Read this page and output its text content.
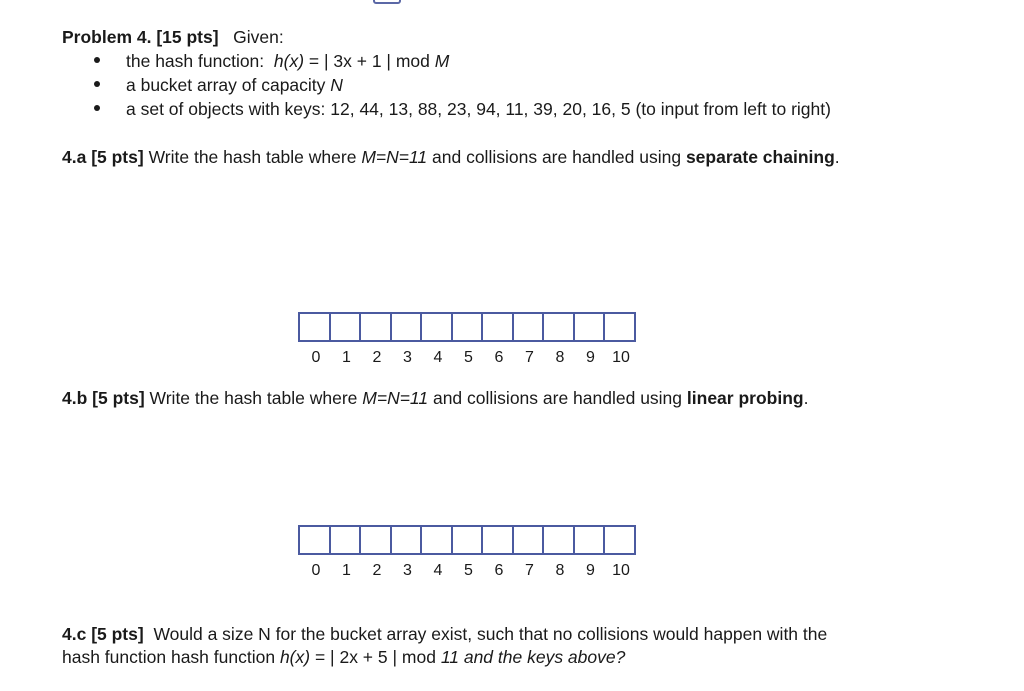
Problem 4. [15 pts] Given:
the hash function: h(x) = | 3x + 1 | mod M
a bucket array of capacity N
a set of objects with keys: 12, 44, 13, 88, 23, 94, 11, 39, 20, 16, 5 (to input from left to right)
4.a [5 pts] Write the hash table where M=N=11 and collisions are handled using separate chaining.
0	1	2	3	4	5	6	7	8	9	10
4.b [5 pts] Write the hash table where M=N=11 and collisions are handled using linear probing.
0	1	2	3	4	5	6	7	8	9	10
4.c [5 pts] Would a size N for the bucket array exist, such that no collisions would happen with the
hash function hash function h(x) = | 2x + 5 | mod 11 and the keys above?
